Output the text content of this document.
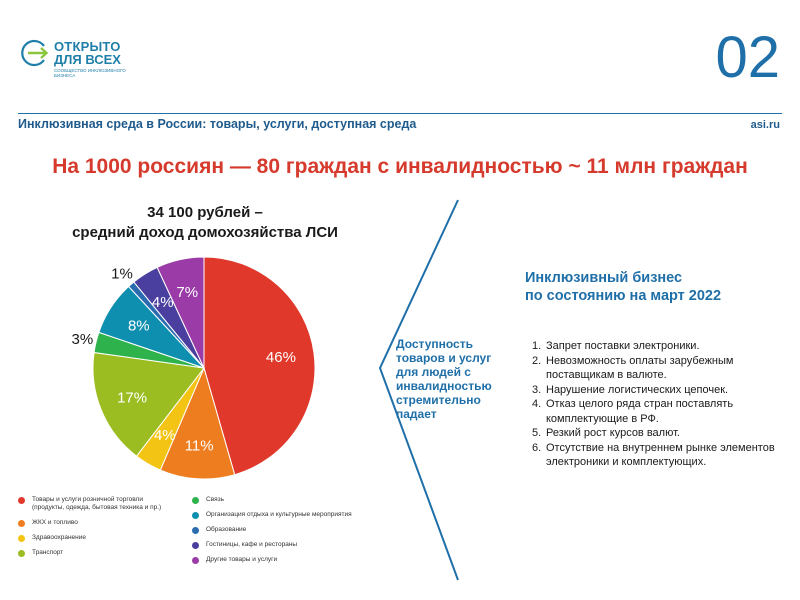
ОТКРЫТО
ДЛЯ ВСЕХ
СООБЩЕСТВО ИНКЛЮЗИВНОГО БИЗНЕСА	02
Инклюзивная среда в России: товары, услуги, доступная среда	asi.ru
На 1000 россиян — 80 граждан с инвалидностью ~ 11 млн граждан
34 100 рублей –
средний доход домохозяйства ЛСИ
46%
11%
4%
17%
3%
8%
1%
4%
7%
Товары и услуги розничной торговли
(продукты, одежда, бытовая техника и пр.)
ЖКХ и топливо
Здравоохранение
Транспорт
Связь
Организация отдыха и культурные мероприятия
Образование
Гостиницы, кафе и рестораны
Другие товары и услуги
Доступность товаров и услуг для людей с инвалидностью стремительно падает
Инклюзивный бизнес
по состоянию на март 2022
1. Запрет поставки электроники.
2. Невозможность оплаты зарубежным поставщикам в валюте.
3. Нарушение логистических цепочек.
4. Отказ целого ряда стран поставлять комплектующие в РФ.
5. Резкий рост курсов валют.
6. Отсутствие на внутреннем рынке элементов электроники и комплектующих.
